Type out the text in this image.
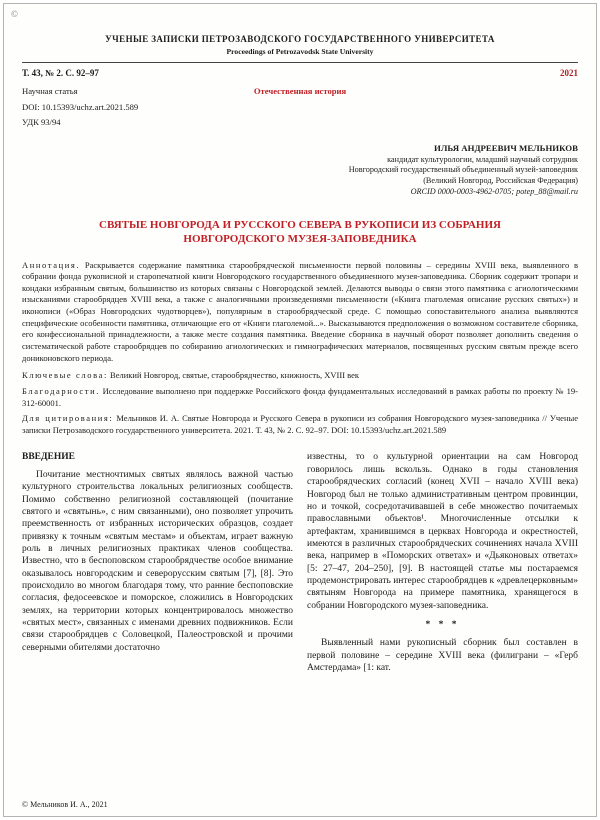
©
УЧЕНЫЕ ЗАПИСКИ ПЕТРОЗАВОДСКОГО ГОСУДАРСТВЕННОГО УНИВЕРСИТЕТА
Proceedings of Petrozavodsk State University
Т. 43, № 2. С. 92–97	2021
Научная статья	Отечественная история
DOI: 10.15393/uchz.art.2021.589
УДК 93/94
ИЛЬЯ АНДРЕЕВИЧ МЕЛЬНИКОВ
кандидат культурологии, младший научный сотрудник
Новгородский государственный объединенный музей-заповедник
(Великий Новгород, Российская Федерация)
ORCID 0000-0003-4962-0705; potep_88@mail.ru
СВЯТЫЕ НОВГОРОДА И РУССКОГО СЕВЕРА В РУКОПИСИ ИЗ СОБРАНИЯ НОВГОРОДСКОГО МУЗЕЯ-ЗАПОВЕДНИКА

Аннотация. Раскрывается содержание памятника старообрядческой письменности первой половины – середины XVIII века, выявленного в собрании фонда рукописной и старопечатной книги Новгородского государственного объединенного музея-заповедника. Сборник содержит тропари и кондаки избранным святым, большинство из которых связаны с Новгородской землей. Делаются выводы о связи этого памятника с агиологическими изысканиями старообрядцев XVIII века, а также с аналогичными произведениями письменности («Книга глаголемая описание русских святых») и иконописи («Образ Новгородских чудотворцев»), популярным в старообрядческой среде. С помощью сопоставительного анализа выявляются специфические особенности памятника, отличающие его от «Книги глаголемой...». Высказываются предположения о возможном составителе сборника, его конфессиональной принадлежности, а также месте создания памятника. Введение сборника в научный оборот позволяет дополнить сведения о систематической работе старообрядцев по собиранию агиологических и гимнографических материалов, посвященных русским святым прежде всего дониконовского периода.

Ключевые слова: Великий Новгород, святые, старообрядчество, книжность, XVIII век

Благодарности. Исследование выполнено при поддержке Российского фонда фундаментальных исследований в рамках работы по проекту № 19-312-60001.

Для цитирования: Мельников И. А. Святые Новгорода и Русского Севера в рукописи из собрания Новгородского музея-заповедника // Ученые записки Петрозаводского государственного университета. 2021. Т. 43, № 2. С. 92–97. DOI: 10.15393/uchz.art.2021.589

ВВЕДЕНИЕ

Почитание местночтимых святых являлось важной частью культурного строительства локальных религиозных сообществ. Помимо собственно религиозной составляющей (почитание святого и «святынь», с ним связанными), оно позволяет упрочить преемственность от избранных исторических образцов, создает привязку к точным «святым местам» и объектам, играет важную роль в личных религиозных практиках членов сообщества. Известно, что в беспоповском старообрядчестве особое внимание оказывалось новгородским и северорусским святым [7], [8]. Это происходило во многом благодаря тому, что ранние беспоповские согласия, федосеевское и поморское, сложились в Новгородских землях, на территории которых концентрировалось множество «святых мест», связанных с именами древних подвижников. Если связи старообрядцев с Соловецкой, Палеостровской и прочими северными обителями достаточно

известны, то о культурной ориентации на сам Новгород говорилось лишь вскользь. Однако в годы становления старообрядческих согласий (конец XVII – начало XVIII века) Новгород был не только административным центром провинции, но и точкой, сосредотачивавшей в себе множество почитаемых православными объектов¹. Многочисленные отсылки к артефактам, хранившимся в церквах Новгорода и окрестностей, имеются в различных старообрядческих сочинениях начала XVIII века, например в «Поморских ответах» и «Дьяконовых ответах» [5: 27–47, 204–250], [9]. В настоящей статье мы постараемся продемонстрировать интерес старообрядцев к «древлецерковным» святыням Новгорода на примере памятника, хранящегося в собрании Новгородского музея-заповедника.

* * *

Выявленный нами рукописный сборник был составлен в первой половине – середине XVIII века (филиграни – «Герб Амстердама» [1: кат.

© Мельников И. А., 2021
